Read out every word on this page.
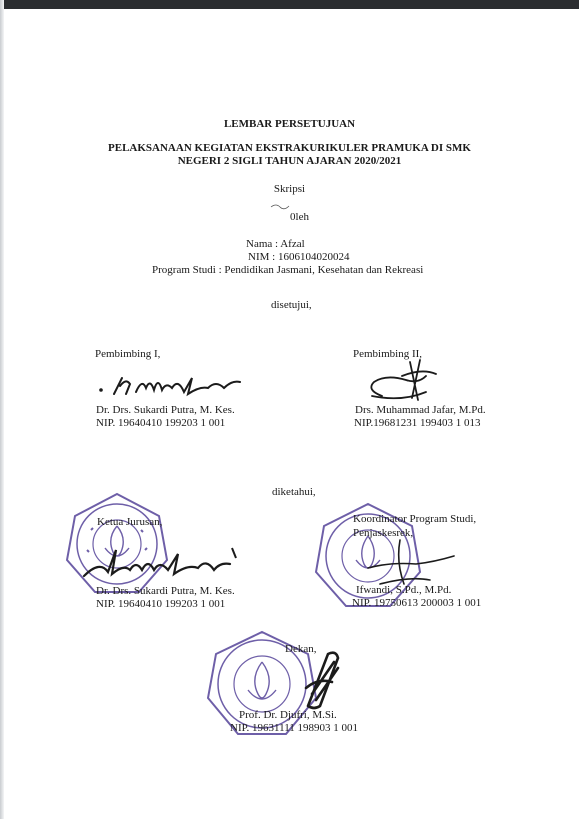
LEMBAR PERSETUJUAN
PELAKSANAAN KEGIATAN EKSTRAKURIKULER PRAMUKA DI SMK
NEGERI 2 SIGLI TAHUN AJARAN 2020/2021
Skripsi
0leh
Nama : Afzal
NIM : 1606104020024
Program Studi : Pendidikan Jasmani, Kesehatan dan Rekreasi
disetujui,
Pembimbing I,
Dr. Drs. Sukardi Putra, M. Kes.
NIP. 19640410 199203 1 001
Pembimbing II,
Drs. Muhammad Jafar, M.Pd.
NIP.19681231 199403 1 013
diketahui,
Ketua Jurusan,
Dr. Drs. Sukardi Putra, M. Kes.
NIP. 19640410 199203 1 001
Koordinator Program Studi,
Penjaskesrek,
Ifwandi, S.Pd., M.Pd.
NIP. 19750613 200003 1 001
Dekan,
Prof. Dr. Djufri, M.Si.
NIP. 19631111 198903 1 001
